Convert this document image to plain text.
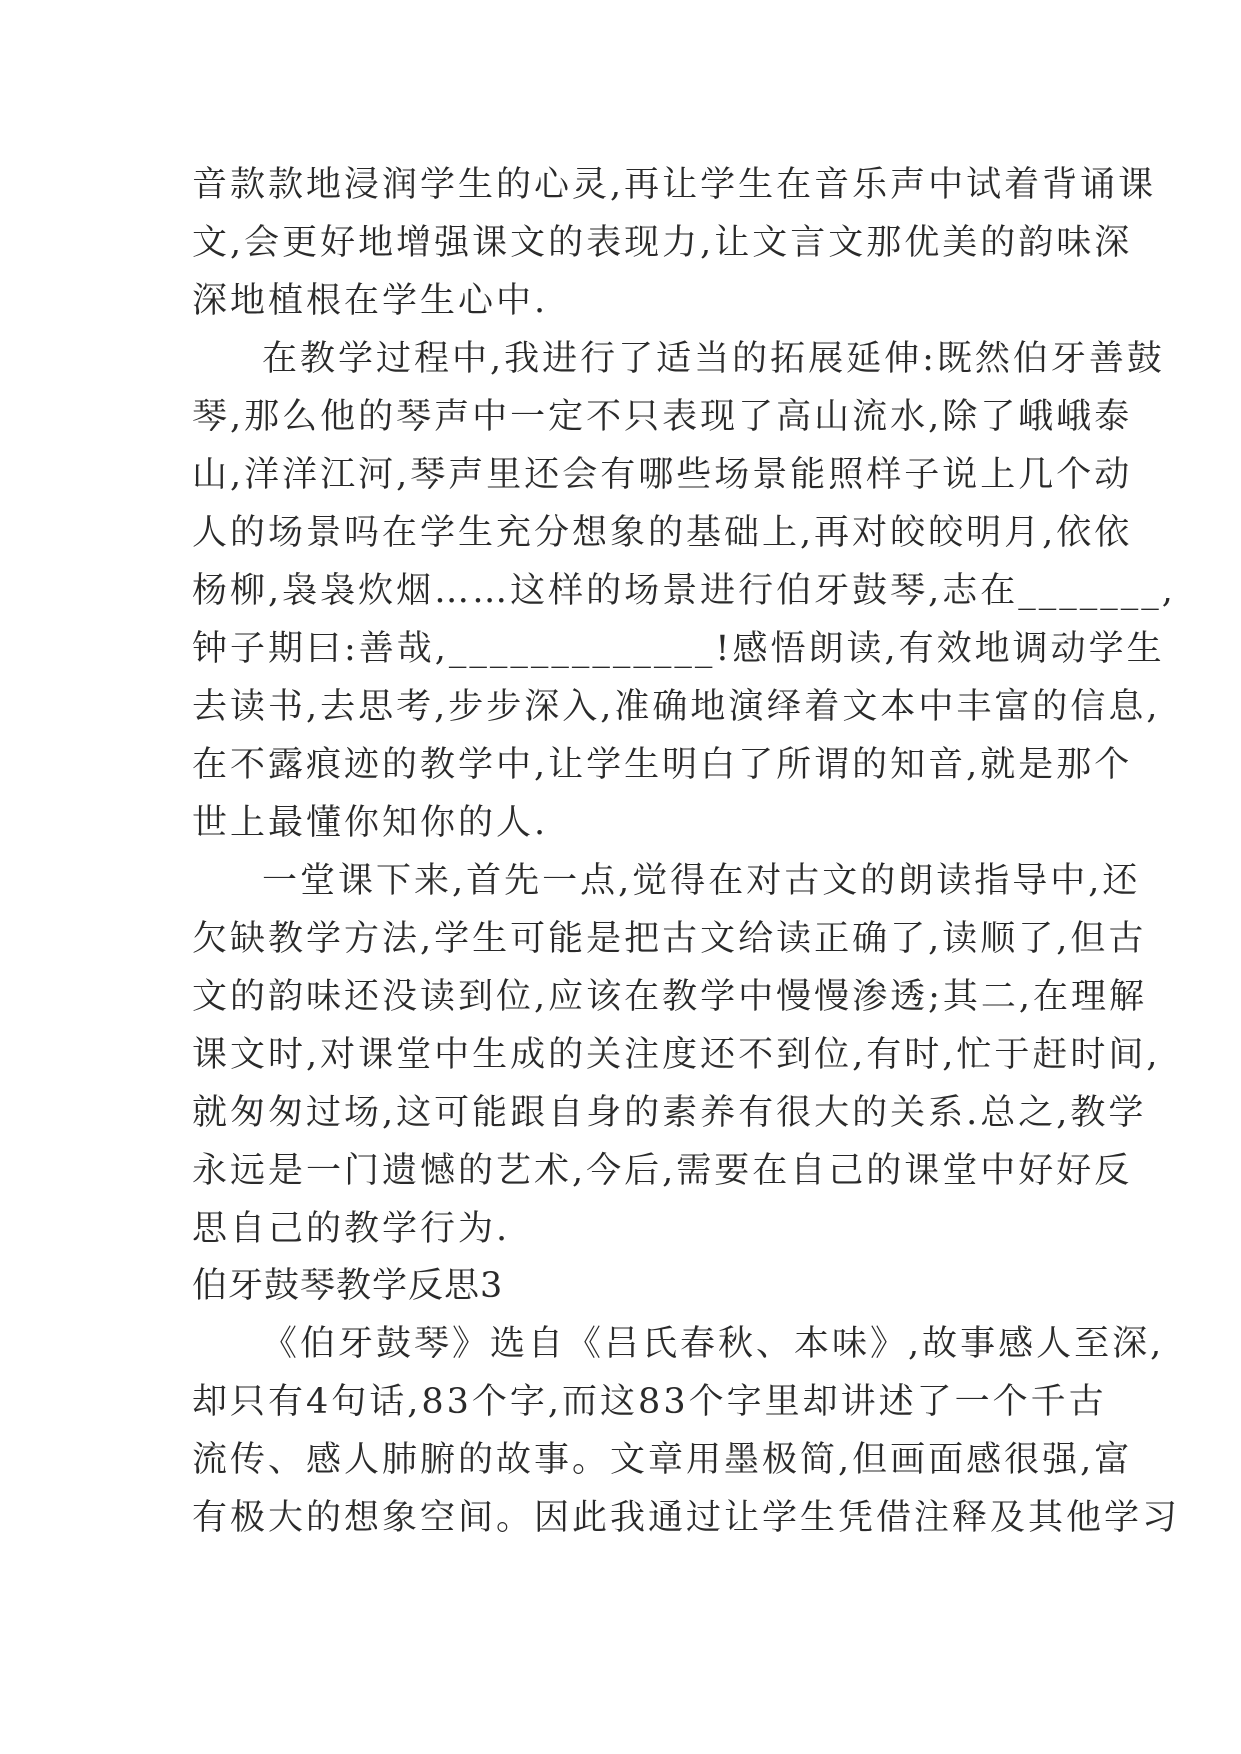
音款款地浸润学生的心灵,再让学生在音乐声中试着背诵课
文,会更好地增强课文的表现力,让文言文那优美的韵味深
深地植根在学生心中.
在教学过程中,我进行了适当的拓展延伸:既然伯牙善鼓
琴,那么他的琴声中一定不只表现了高山流水,除了峨峨泰
山,洋洋江河,琴声里还会有哪些场景能照样子说上几个动
人的场景吗在学生充分想象的基础上,再对皎皎明月,依依
杨柳,袅袅炊烟……这样的场景进行伯牙鼓琴,志在_______,
钟子期曰:善哉,_____________!感悟朗读,有效地调动学生
去读书,去思考,步步深入,准确地演绎着文本中丰富的信息,
在不露痕迹的教学中,让学生明白了所谓的知音,就是那个
世上最懂你知你的人.
一堂课下来,首先一点,觉得在对古文的朗读指导中,还
欠缺教学方法,学生可能是把古文给读正确了,读顺了,但古
文的韵味还没读到位,应该在教学中慢慢渗透;其二,在理解
课文时,对课堂中生成的关注度还不到位,有时,忙于赶时间,
就匆匆过场,这可能跟自身的素养有很大的关系.总之,教学
永远是一门遗憾的艺术,今后,需要在自己的课堂中好好反
思自己的教学行为.
伯牙鼓琴教学反思3
《伯牙鼓琴》选自《吕氏春秋、本味》,故事感人至深,
却只有4句话,83个字,而这83个字里却讲述了一个千古
流传、感人肺腑的故事。文章用墨极简,但画面感很强,富
有极大的想象空间。因此我通过让学生凭借注释及其他学习
